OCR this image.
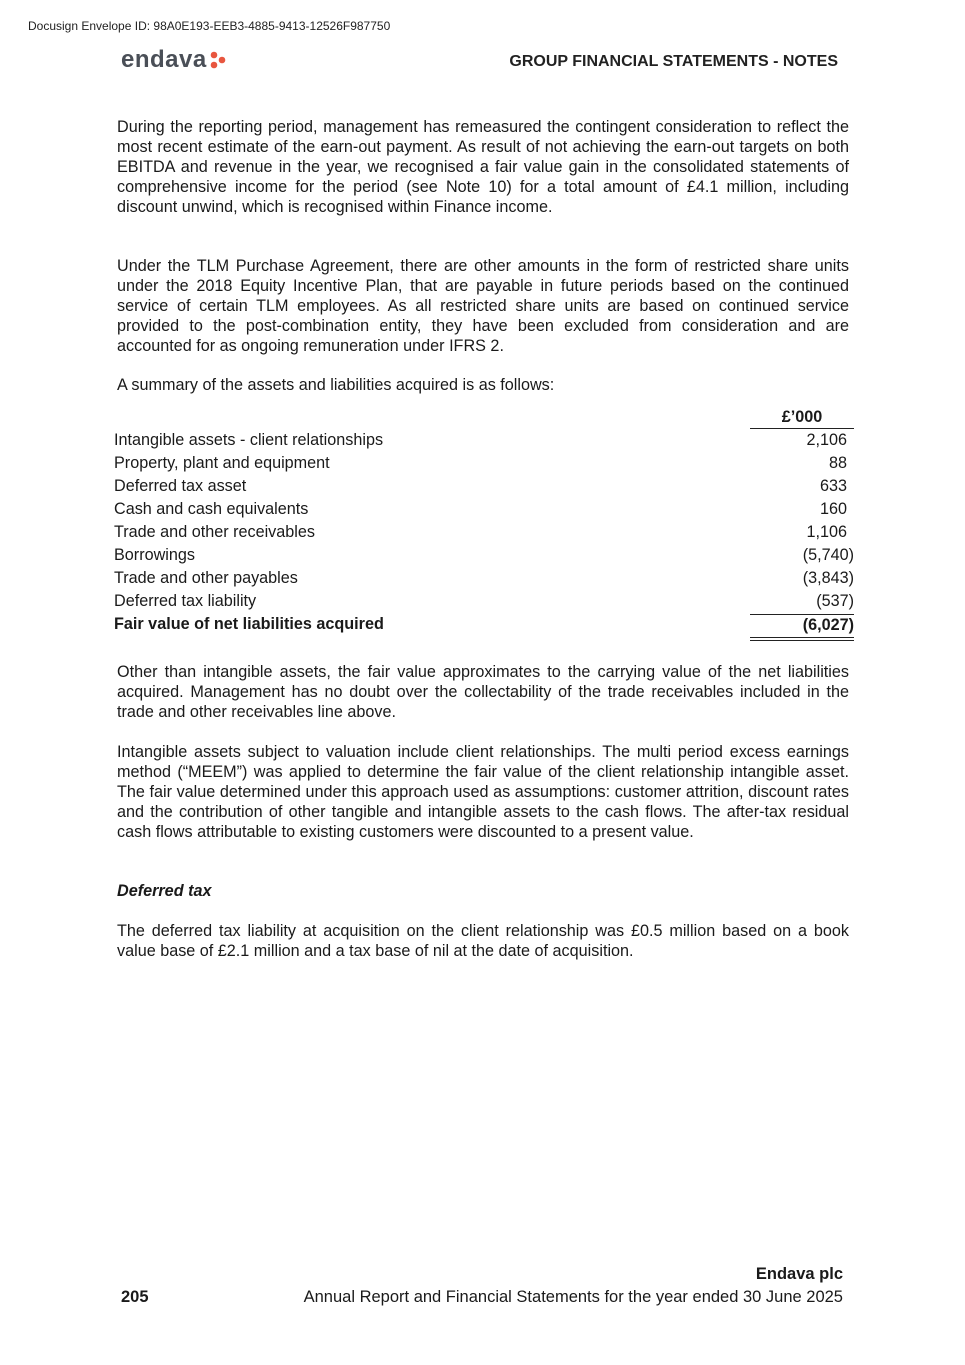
Docusign Envelope ID: 98A0E193-EEB3-4885-9413-12526F987750
endava	GROUP FINANCIAL STATEMENTS - NOTES

During the reporting period, management has remeasured the contingent consideration to reflect the most recent estimate of the earn-out payment. As result of not achieving the earn-out targets on both EBITDA and revenue in the year, we recognised a fair value gain in the consolidated statements of comprehensive income for the period (see Note 10) for a total amount of £4.1 million, including discount unwind, which is recognised within Finance income.

Under the TLM Purchase Agreement, there are other amounts in the form of restricted share units under the 2018 Equity Incentive Plan, that are payable in future periods based on the continued service of certain TLM employees. As all restricted share units are based on continued service provided to the post-combination entity, they have been excluded from consideration and are accounted for as ongoing remuneration under IFRS 2.

A summary of the assets and liabilities acquired is as follows:

£’000
Intangible assets - client relationships	2,106
Property, plant and equipment	88
Deferred tax asset	633
Cash and cash equivalents	160
Trade and other receivables	1,106
Borrowings	(5,740)
Trade and other payables	(3,843)
Deferred tax liability	(537)
Fair value of net liabilities acquired	(6,027)

Other than intangible assets, the fair value approximates to the carrying value of the net liabilities acquired. Management has no doubt over the collectability of the trade receivables included in the trade and other receivables line above.

Intangible assets subject to valuation include client relationships. The multi period excess earnings method (“MEEM”) was applied to determine the fair value of the client relationship intangible asset. The fair value determined under this approach used as assumptions: customer attrition, discount rates and the contribution of other tangible and intangible assets to the cash flows. The after-tax residual cash flows attributable to existing customers were discounted to a present value.

Deferred tax

The deferred tax liability at acquisition on the client relationship was £0.5 million based on a book value base of £2.1 million and a tax base of nil at the date of acquisition.

Endava plc
205	Annual Report and Financial Statements for the year ended 30 June 2025
